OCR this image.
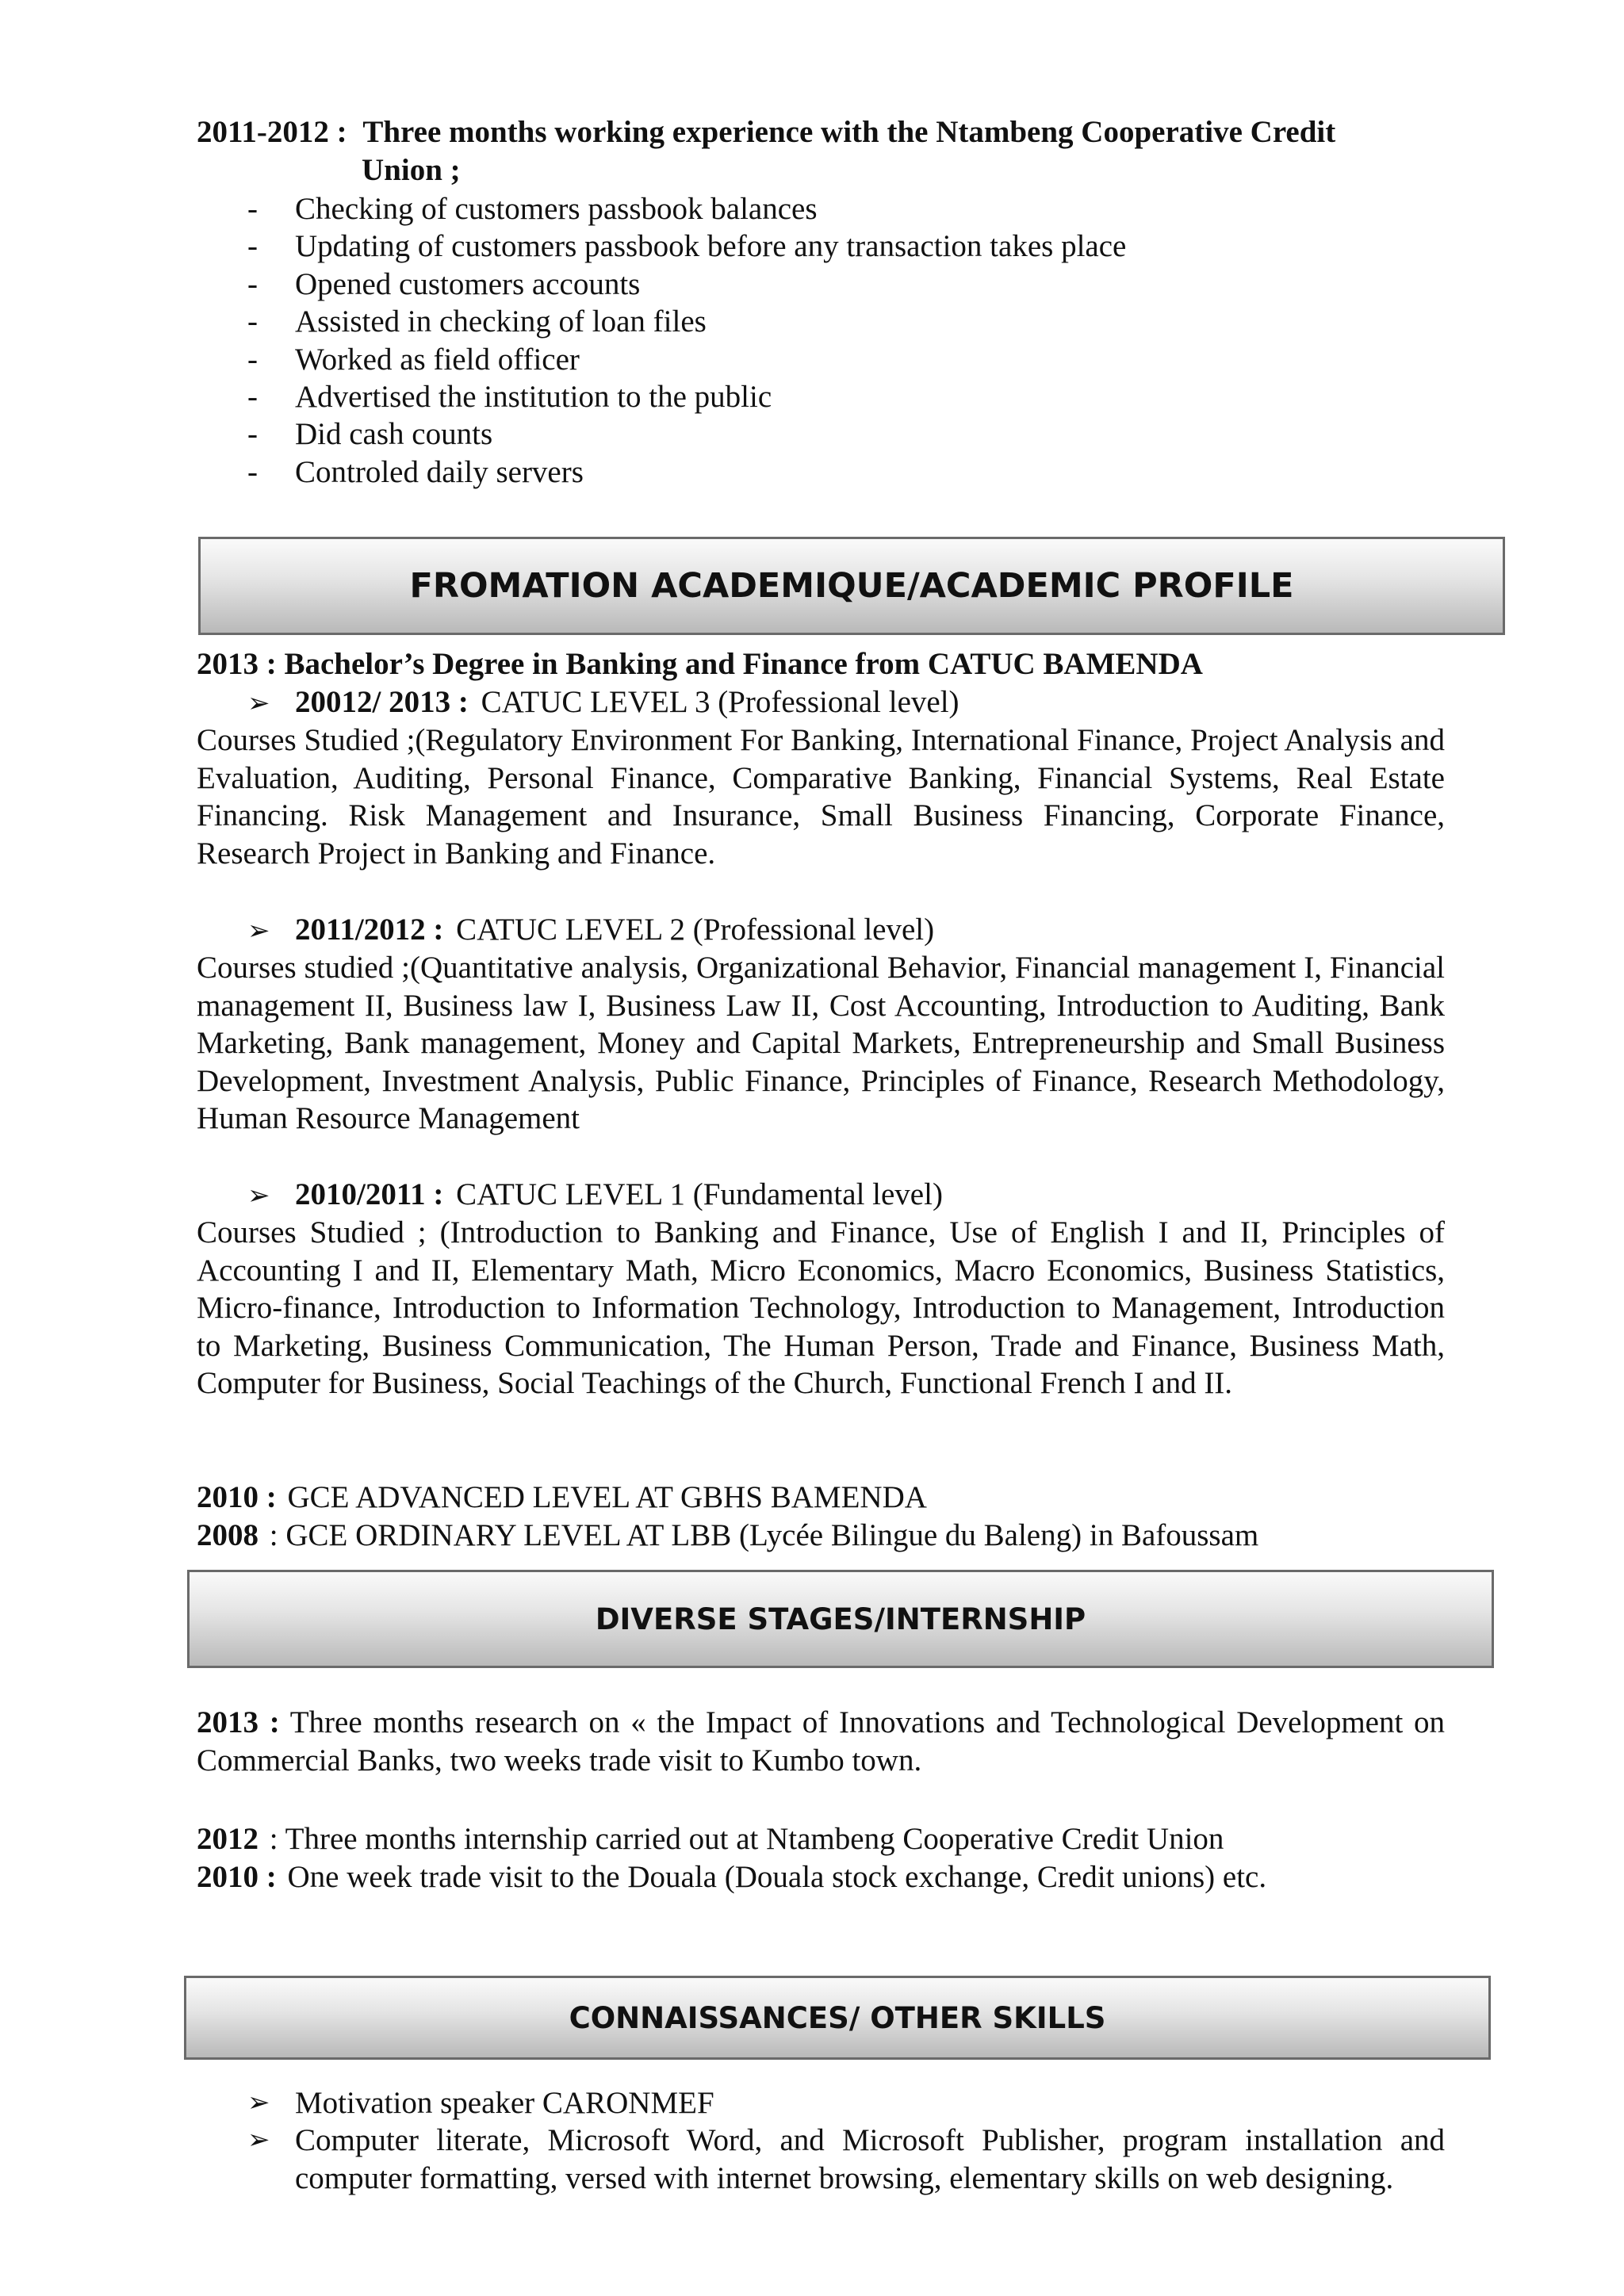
2011-2012 : Three months working experience with the Ntambeng Cooperative Credit
Union ;
-	Checking of customers passbook balances
-	Updating of customers passbook before any transaction takes place
-	Opened customers accounts
-	Assisted in checking of loan files
-	Worked as field officer
-	Advertised the institution to the public
-	Did cash counts
-	Controled daily servers
FROMATION ACADEMIQUE/ACADEMIC PROFILE
2013 : Bachelor’s Degree in Banking and Finance from CATUC BAMENDA
➢ 20012/ 2013 : CATUC LEVEL 3 (Professional level)
Courses Studied ;(Regulatory Environment For Banking, International Finance, Project Analysis and Evaluation, Auditing, Personal Finance, Comparative Banking, Financial Systems, Real Estate Financing. Risk Management and Insurance, Small Business Financing, Corporate Finance, Research Project in Banking and Finance.
➢ 2011/2012 : CATUC LEVEL 2 (Professional level)
Courses studied ;(Quantitative analysis, Organizational Behavior, Financial management I, Financial management II, Business law I, Business Law II, Cost Accounting, Introduction to Auditing, Bank Marketing, Bank management, Money and Capital Markets, Entrepreneurship and Small Business Development, Investment Analysis, Public Finance, Principles of Finance, Research Methodology, Human Resource Management
➢ 2010/2011 : CATUC LEVEL 1 (Fundamental level)
Courses Studied ; (Introduction to Banking and Finance, Use of English I and II, Principles of Accounting I and II, Elementary Math, Micro Economics, Macro Economics, Business Statistics, Micro-finance, Introduction to Information Technology, Introduction to Management, Introduction to Marketing, Business Communication, The Human Person, Trade and Finance, Business Math, Computer for Business, Social Teachings of the Church, Functional French I and II.
2010 : GCE ADVANCED LEVEL AT GBHS BAMENDA
2008 : GCE ORDINARY LEVEL AT LBB (Lycée Bilingue du Baleng) in Bafoussam
DIVERSE STAGES/INTERNSHIP
2013 : Three months research on « the Impact of Innovations and Technological Development on Commercial Banks, two weeks trade visit to Kumbo town.
2012 : Three months internship carried out at Ntambeng Cooperative Credit Union
2010 : One week trade visit to the Douala (Douala stock exchange, Credit unions) etc.
CONNAISSANCES/ OTHER SKILLS
➢ Motivation speaker CARONMEF
➢ Computer literate, Microsoft Word, and Microsoft Publisher, program installation and computer formatting, versed with internet browsing, elementary skills on web designing.
